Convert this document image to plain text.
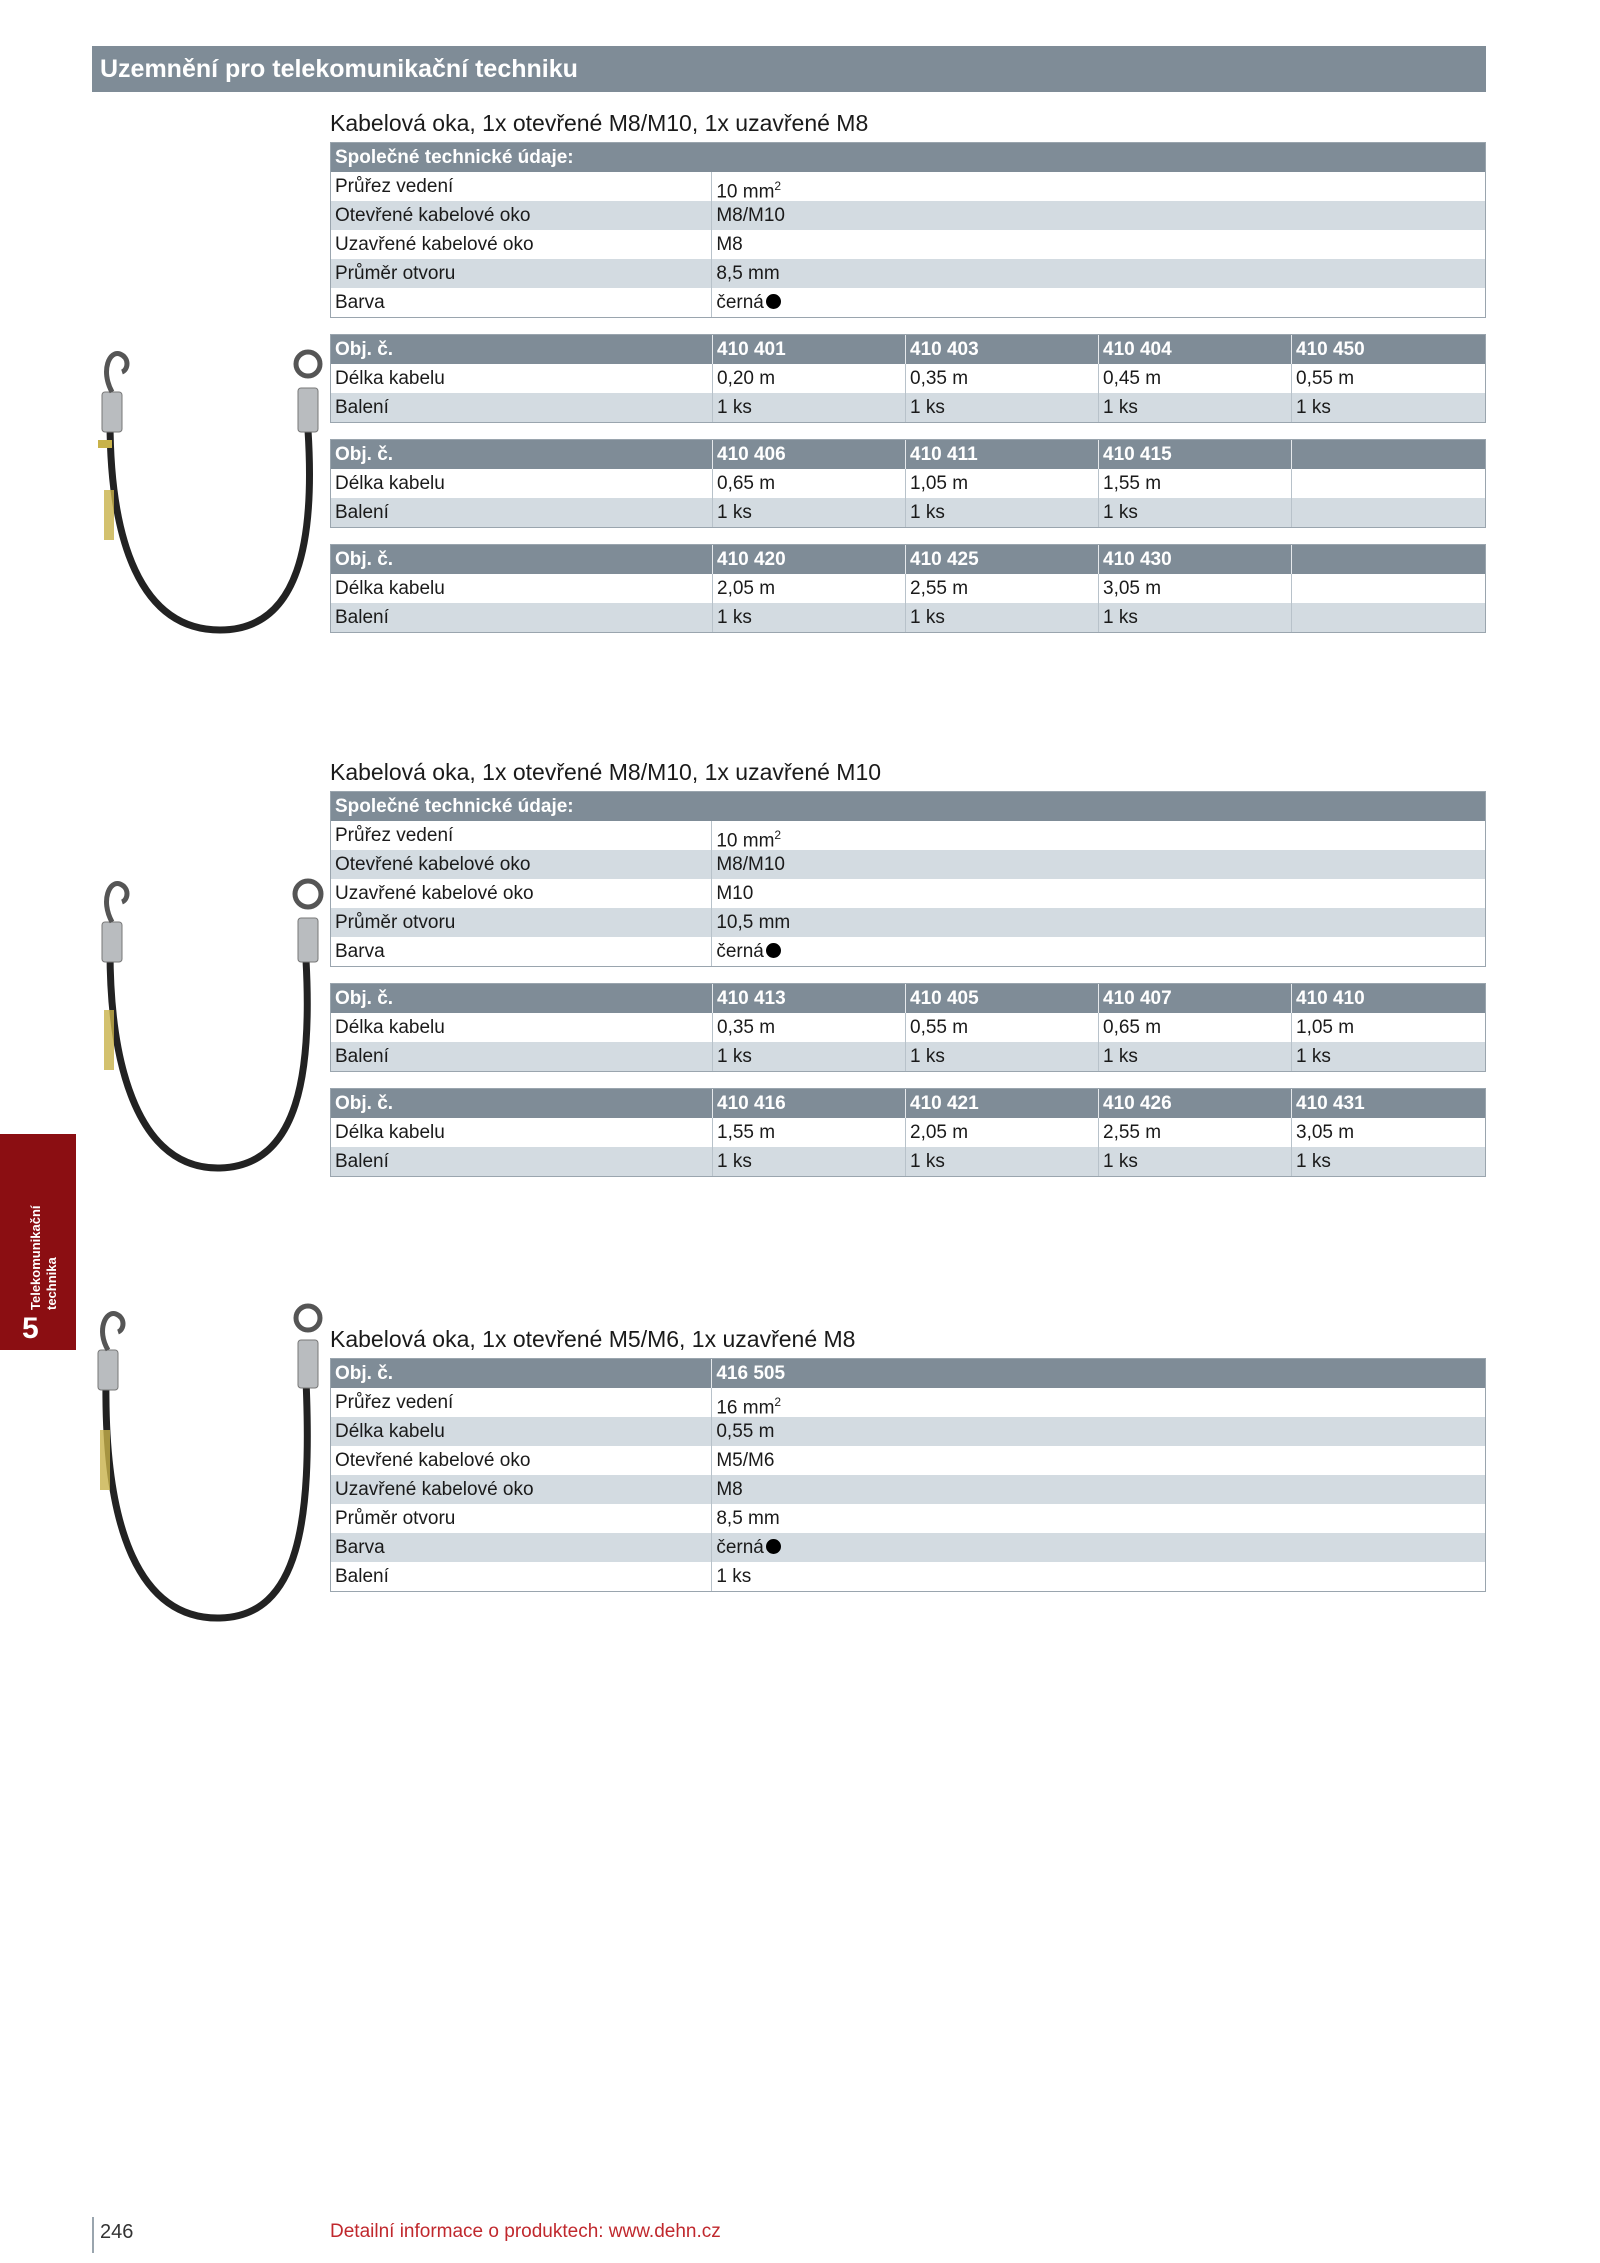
Uzemnění pro telekomunikační techniku
Kabelová oka, 1x otevřené M8/M10, 1x uzavřené M8
Společné technické údaje:
Průřez vedení	10 $mm^2$
Otevřené kabelové oko	M8/M10
Uzavřené kabelové oko	M8
Průměr otvoru	8,5 mm
Barva	černá
Obj. č.	410 401	410 403	410 404	410 450
Délka kabelu	0,20 m	0,35 m	0,45 m	0,55 m
Balení	1 ks	1 ks	1 ks	1 ks
Obj. č.	410 406	410 411	410 415
Délka kabelu	0,65 m	1,05 m	1,55 m
Balení	1 ks	1 ks	1 ks
Obj. č.	410 420	410 425	410 430
Délka kabelu	2,05 m	2,55 m	3,05 m
Balení	1 ks	1 ks	1 ks
Kabelová oka, 1x otevřené M8/M10, 1x uzavřené M10
Společné technické údaje:
Průřez vedení	10 $mm^2$
Otevřené kabelové oko	M8/M10
Uzavřené kabelové oko	M10
Průměr otvoru	10,5 mm
Barva	černá
Obj. č.	410 413	410 405	410 407	410 410
Délka kabelu	0,35 m	0,55 m	0,65 m	1,05 m
Balení	1 ks	1 ks	1 ks	1 ks
Obj. č.	410 416	410 421	410 426	410 431
Délka kabelu	1,55 m	2,05 m	2,55 m	3,05 m
Balení	1 ks	1 ks	1 ks	1 ks
Kabelová oka, 1x otevřené M5/M6, 1x uzavřené M8
Obj. č.	416 505
Průřez vedení	16 $mm^2$
Délka kabelu	0,55 m
Otevřené kabelové oko	M5/M6
Uzavřené kabelové oko	M8
Průměr otvoru	8,5 mm
Barva	černá
Balení	1 ks
Telekomunikační technika
5
246	Detailní informace o produktech: www.dehn.cz
